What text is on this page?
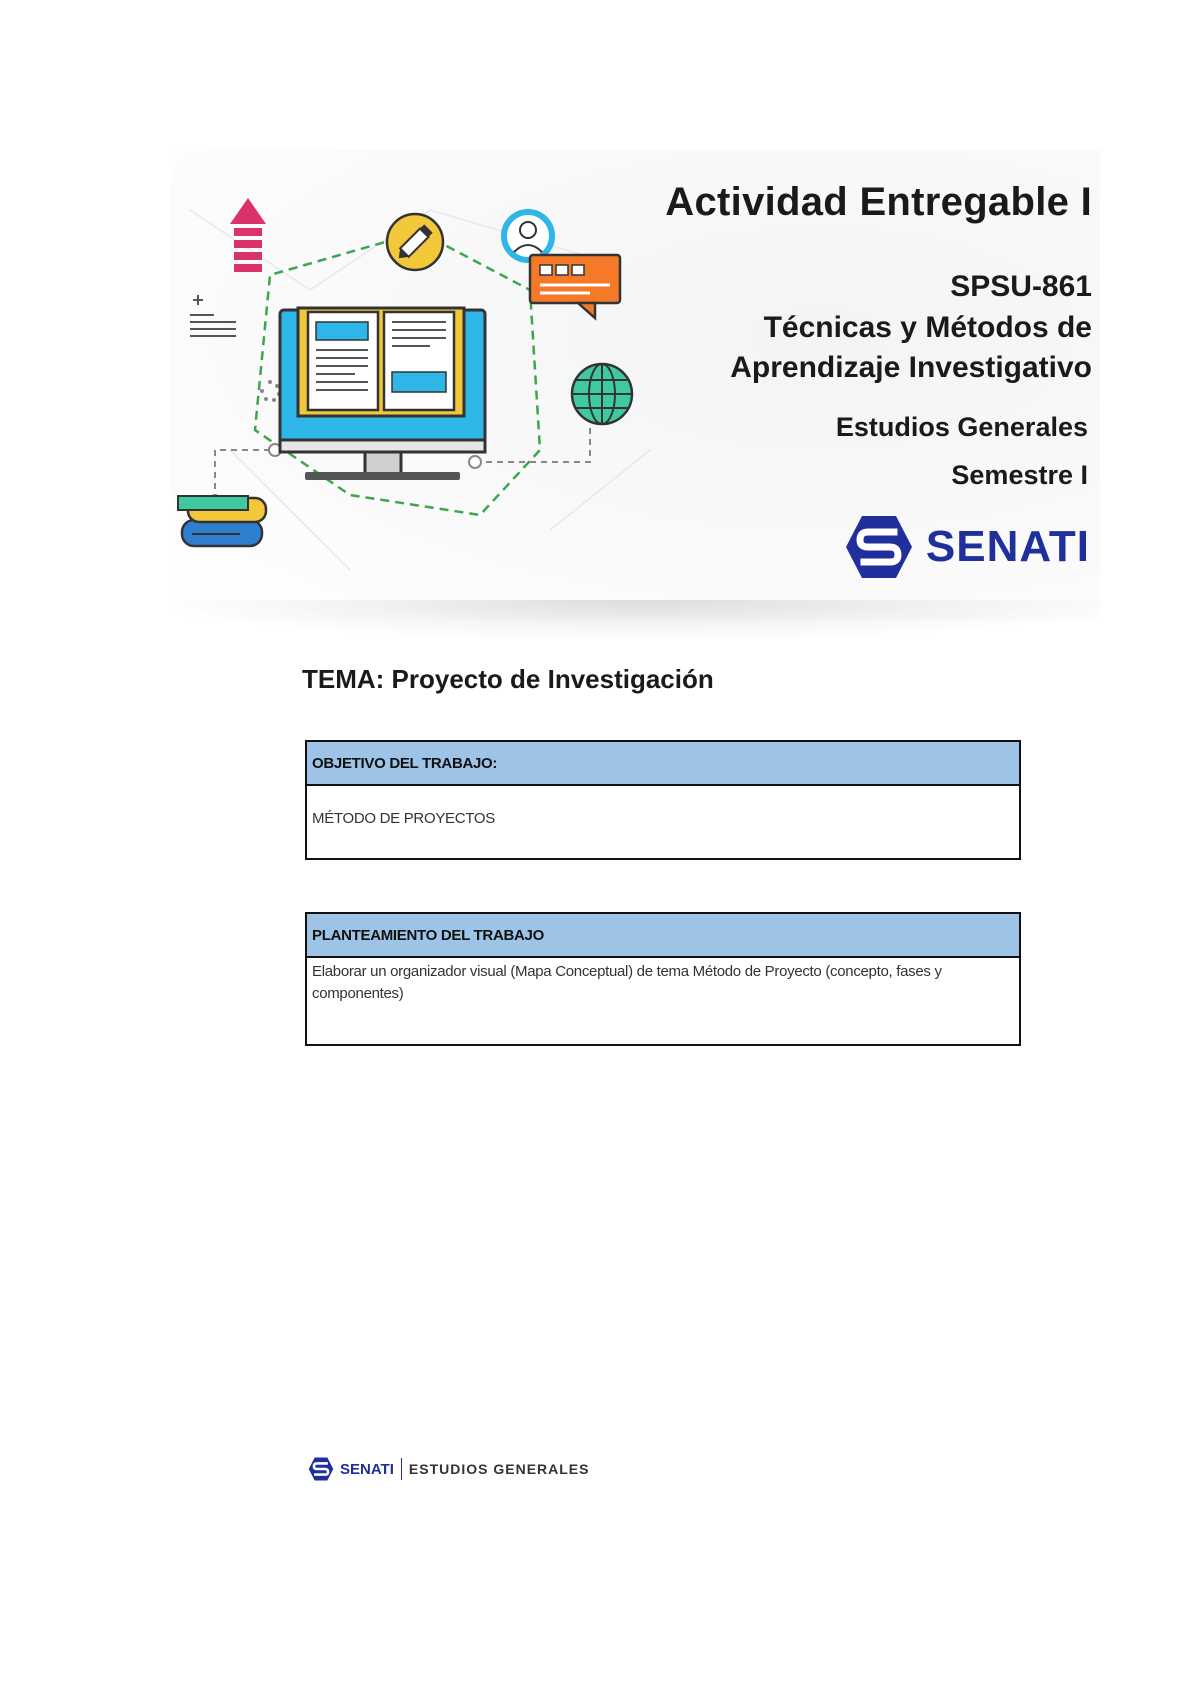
Actividad Entregable I
SPSU-861
Técnicas y Métodos de Aprendizaje Investigativo
Estudios Generales
Semestre I
SENATI
TEMA: Proyecto de Investigación
OBJETIVO DEL TRABAJO:
MÉTODO DE PROYECTOS
PLANTEAMIENTO DEL TRABAJO
Elaborar un organizador visual (Mapa Conceptual) de tema Método de Proyecto (concepto, fases y componentes)
SENATI ESTUDIOS GENERALES
